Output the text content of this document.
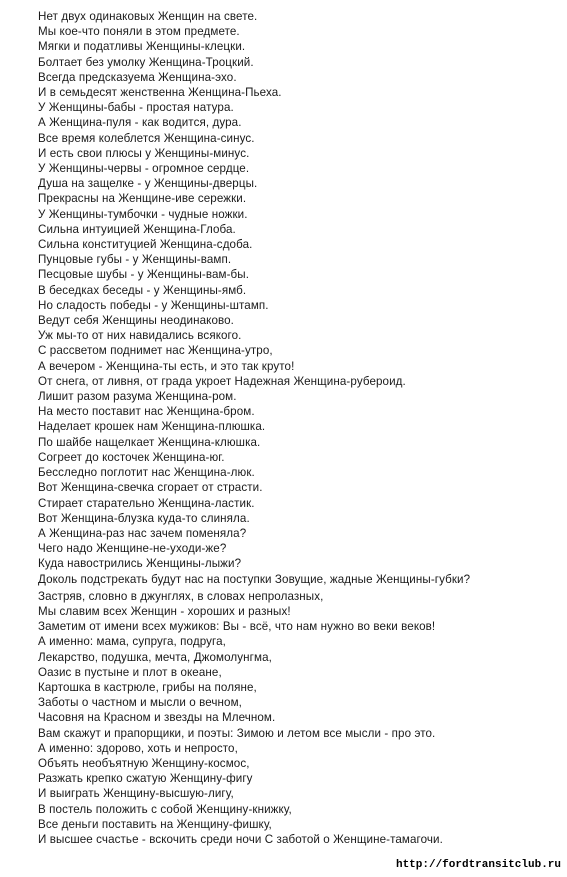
Нет двух одинаковых Женщин на свете.
Мы кое-что поняли в этом предмете.
Мягки и податливы Женщины-клецки.
Болтает без умолку Женщина-Троцкий.
Всегда предсказуема Женщина-эхо.
И в семьдесят женственна Женщина-Пьеха.
У Женщины-бабы - простая натура.
А Женщина-пуля - как водится, дура.
Все время колеблется Женщина-синус.
И есть свои плюсы у Женщины-минус.
У Женщины-червы - огромное сердце.
Душа на защелке - у Женщины-дверцы.
Прекрасны на Женщине-иве сережки.
У Женщины-тумбочки - чудные ножки.
Сильна интуицией Женщина-Глоба.
Сильна конституцией Женщина-сдоба.
Пунцовые губы - у Женщины-вамп.
Песцовые шубы - у Женщины-вам-бы.
В беседках беседы - у Женщины-ямб.
Но сладость победы - у Женщины-штамп.
Ведут себя Женщины неодинаково.
Уж мы-то от них навидались всякого.
С рассветом поднимет нас Женщина-утро,
А вечером - Женщина-ты есть, и это так круто!
От снега, от ливня, от града укроет Надежная Женщина-рубероид.
Лишит разом разума Женщина-ром.
На место поставит нас Женщина-бром.
Наделает крошек нам Женщина-плюшка.
По шайбе нащелкает Женщина-клюшка.
Согреет до косточек Женщина-юг.
Бесследно поглотит нас Женщина-люк.
Вот Женщина-свечка сгорает от страсти.
Стирает старательно Женщина-ластик.
Вот Женщина-блузка куда-то слиняла.
А Женщина-раз нас зачем поменяла?
Чего надо Женщине-не-уходи-же?
Куда навострились Женщины-лыжи?
Доколь подстрекать будут нас на поступки Зовущие, жадные Женщины-губки?
Застряв, словно в джунглях, в словах непролазных,
Мы славим всех Женщин - хороших и разных!
Заметим от имени всех мужиков: Вы - всё, что нам нужно во веки веков!
А именно: мама, супруга, подруга,
Лекарство, подушка, мечта, Джомолунгма,
Оазис в пустыне и плот в океане,
Картошка в кастрюле, грибы на поляне,
Заботы о частном и мысли о вечном,
Часовня на Красном и звезды на Млечном.
Вам скажут и прапорщики, и поэты: Зимою и летом все мысли - про это.
А именно: здорово, хоть и непросто,
Объять необъятную Женщину-космос,
Разжать крепко сжатую Женщину-фигу
И выиграть Женщину-высшую-лигу,
В постель положить с собой Женщину-книжку,
Все деньги поставить на Женщину-фишку,
И высшее счастье - вскочить среди ночи С заботой о Женщине-тамагочи.
http://fordtransitclub.ru
